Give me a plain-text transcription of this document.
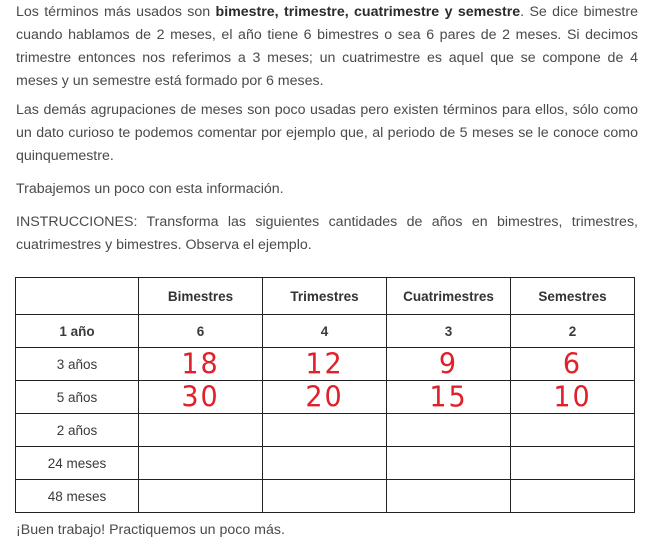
Los términos más usados son bimestre, trimestre, cuatrimestre y semestre. Se dice bimestre cuando hablamos de 2 meses, el año tiene 6 bimestres o sea 6 pares de 2 meses. Si decimos trimestre entonces nos referimos a 3 meses; un cuatrimestre es aquel que se compone de 4 meses y un semestre está formado por 6 meses.

Las demás agrupaciones de meses son poco usadas pero existen términos para ellos, sólo como un dato curioso te podemos comentar por ejemplo que, al periodo de 5 meses se le conoce como quinquemestre.

Trabajemos un poco con esta información.

INSTRUCCIONES: Transforma las siguientes cantidades de años en bimestres, trimestres, cuatrimestres y bimestres. Observa el ejemplo.

	Bimestres	Trimestres	Cuatrimestres	Semestres
1 año	6	4	3	2
3 años	18	12	9	6
5 años	30	20	15	10
2 años				
24 meses				
48 meses				

¡Buen trabajo! Practiquemos un poco más.
